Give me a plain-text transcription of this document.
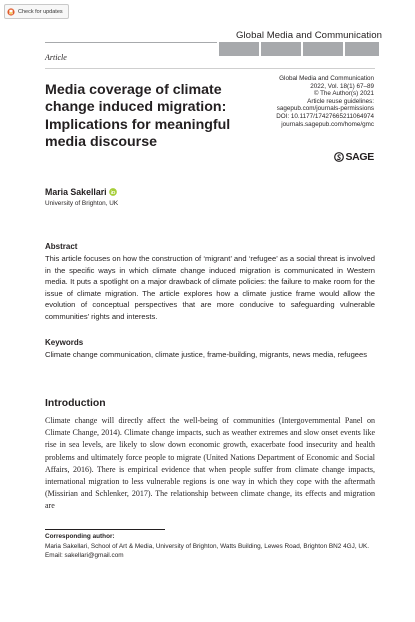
Check for updates
Global Media and Communication
Article
Media coverage of climate change induced migration: Implications for meaningful media discourse
Global Media and Communication
2022, Vol. 18(1) 67–89
© The Author(s) 2021
Article reuse guidelines:
sagepub.com/journals-permissions
DOI: 10.1177/17427665211064974
journals.sagepub.com/home/gmc
SAGE
Maria Sakellari iD
University of Brighton, UK
Abstract

This article focuses on how the construction of ‘migrant’ and ‘refugee’ as a social threat is involved in the specific ways in which climate change induced migration is communicated in Western media. It puts a spotlight on a major drawback of climate policies: the failure to make room for the issue of climate migration. The article explores how a climate justice frame would allow the evolution of conceptual perspectives that are more conducive to safeguarding vulnerable communities’ rights and interests.

Keywords

Climate change communication, climate justice, frame-building, migrants, news media, refugees

Introduction

Climate change will directly affect the well-being of communities (Intergovernmental Panel on Climate Change, 2014). Climate change impacts, such as weather extremes and slow onset events like rise in sea levels, are likely to slow down economic growth, exacerbate food insecurity and health problems and ultimately force people to migrate (United Nations Department of Economic and Social Affairs, 2016). There is empirical evidence that when people suffer from climate change impacts, international migration to less vulnerable regions is one way in which they cope with the aftermath (Missirian and Schlenker, 2017). The relationship between climate change, its effects and migration are

Corresponding author:
Maria Sakellari, School of Art & Media, University of Brighton, Watts Building, Lewes Road, Brighton BN2 4GJ, UK.
Email: sakellari@gmail.com
